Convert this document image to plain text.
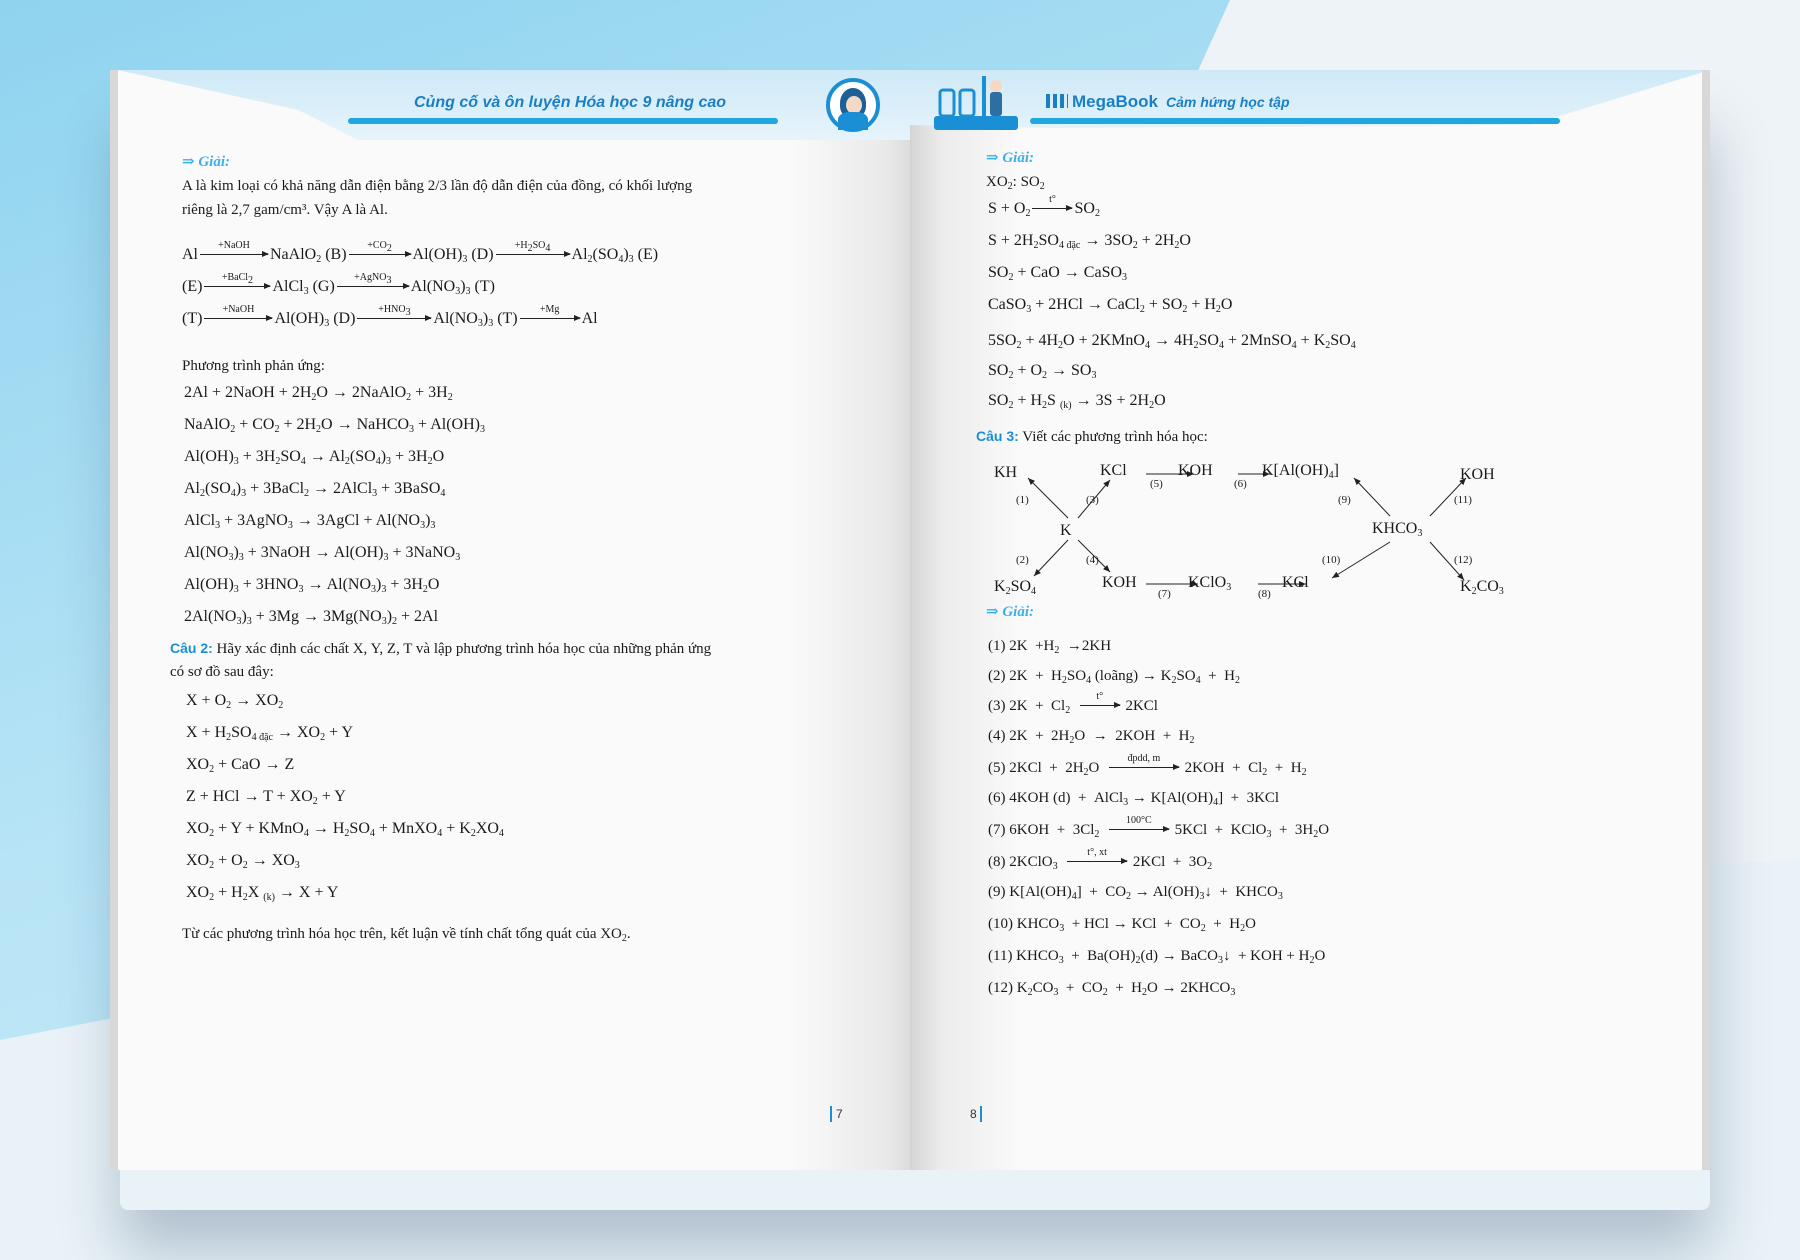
Củng cố và ôn luyện Hóa học 9 nâng cao
⇒ Giải:
A là kim loại có khả năng dẫn điện bằng 2/3 lần độ dẫn điện của đồng, có khối lượng
riêng là 2,7 gam/cm³. Vậy A là Al.
Al
+NaOH
NaAlO$_2$ (B)
$+CO_2$	$Al(OH)_3$ (D)
$+H_2SO_4$	$Al_2(SO_4)_3$ (E)
(E)
+BaCl$_2$	AlCl$_3$ (G)
+AgNO$_3$	$Al(NO_3)_3$ (T)
(T)
+NaOH
$Al(OH)_3$ (D)
$+HNO_3$	$Al(NO_3)_3$ (T)
+Mg
Al
Phương trình phản ứng:
2Al + 2NaOH + $2H_2O$ → 2NaAlO$_2$ + $3H_2$
NaAlO$_2$ + $CO_2 + 2H_2O$ → NaHCO$_3$ + $Al(OH)_3$
$Al(OH)_3 + 3H_2SO_4 \to Al_2(SO_4)_3 + 3H_2O$
$Al_2(SO_4)_3$ + 3BaCl$_2$ → 2AlCl$_3$ + 3BaSO$_4$
AlCl$_3$ + 3AgNO$_3$ → 3AgCl + $Al(NO_3)_3$
$Al(NO_3)_3$ + 3NaOH → $Al(OH)_3$ + 3NaNO$_3$
$Al(OH)_3 + 3HNO_3 \to Al(NO_3)_3 + 3H_2O$
$2Al(NO_3)_3 + 3Mg \to 3Mg(NO_3)_2 + 2Al$
Câu 2: Hãy xác định các chất X, Y, Z, T và lập phương trình hóa học của những phản ứng
có sơ đồ sau đây:
$X + O_2 \to XO_2$
$X + H_2SO_{4 đặc} \to XO_2 + Y$
$XO_2$ + CaO → Z
Z + HCl → $T + XO_2 + Y$
$XO_2 + Y$ + KMnO$_4$ → $H_2SO_4$ + MnXO$_4$ + $K_2XO_4$
$XO_2 + O_2 \to XO_3$
$XO_2 + H_2X$ $_{(k)}$ → X + Y
Từ các phương trình hóa học trên, kết luận về tính chất tổng quát của $XO_2$.
7
MegaBook Cảm hứng học tập
⇒ Giải:
$XO_2$: $SO_2$
$S + O_2$
t°
$SO_2$
$S + 2H_2SO_{4 đặc} \to 3SO_2 + 2H_2O$
$SO_2$ + CaO → CaSO$_3$
CaSO$_3$ + 2HCl → CaCl$_2$ + $SO_2 + H_2O$
$5SO_2 + 4H_2O$ + 2KMnO$_4$ → $4H_2SO_4$ + 2MnSO$_4$ + $K_2SO_4$
$SO_2 + O_2 \to SO_3$
$SO_2 + H_2S$ $_{(k)} \to 3S + 2H_2O$
Câu 3: Viết các phương trình hóa học:
KH	KCl	KOH	$K[Al(OH)_4]$	KOH
K	$KHCO_3$
$K_2SO_4$
KOH	KClO$_3$	KCl	$K_2CO_3$
(1)
(2)
(3)
(4)
(5)	(6)
(7)	(8)
(9)
(10)
(11)
(12)
⇒ Giải:
(1) $2K +H_2 \to 2KH$
(2) $2K + H_2SO_4$ (loãng) → $K_2SO_4 + H_2$
(3) $2K + Cl_2$
t°
2KCl
(4) $2K + 2H_2O \to 2KOH + H_2$
(5) $2KCl + 2H_2O$
đpdd, m
$2KOH + Cl_2 + H_2$
(6) 4KOH (d)  +  AlCl$_3$ → $K[Al(OH)_4] + 3KCl$
(7) $6KOH + 3Cl_2$
100°C
5KCl  +  KClO$_3$  +  $3H_2O$
(8) 2KClO$_3$
t°, xt
$2KCl + 3O_2$
(9) $K[Al(OH)_4] + CO_2$ → $Al(OH)_3↓$  +  $KHCO_3$
(10) $KHCO_3$  + HCl → KCl  +  $CO_2 + H_2O$
(11) $KHCO_3 + Ba(OH)_2(d)$ → BaCO$_3$↓  + KOH + $H_2O$
(12) $K_2CO_3 + CO_2 + H_2O$ → $2KHCO_3$
8
